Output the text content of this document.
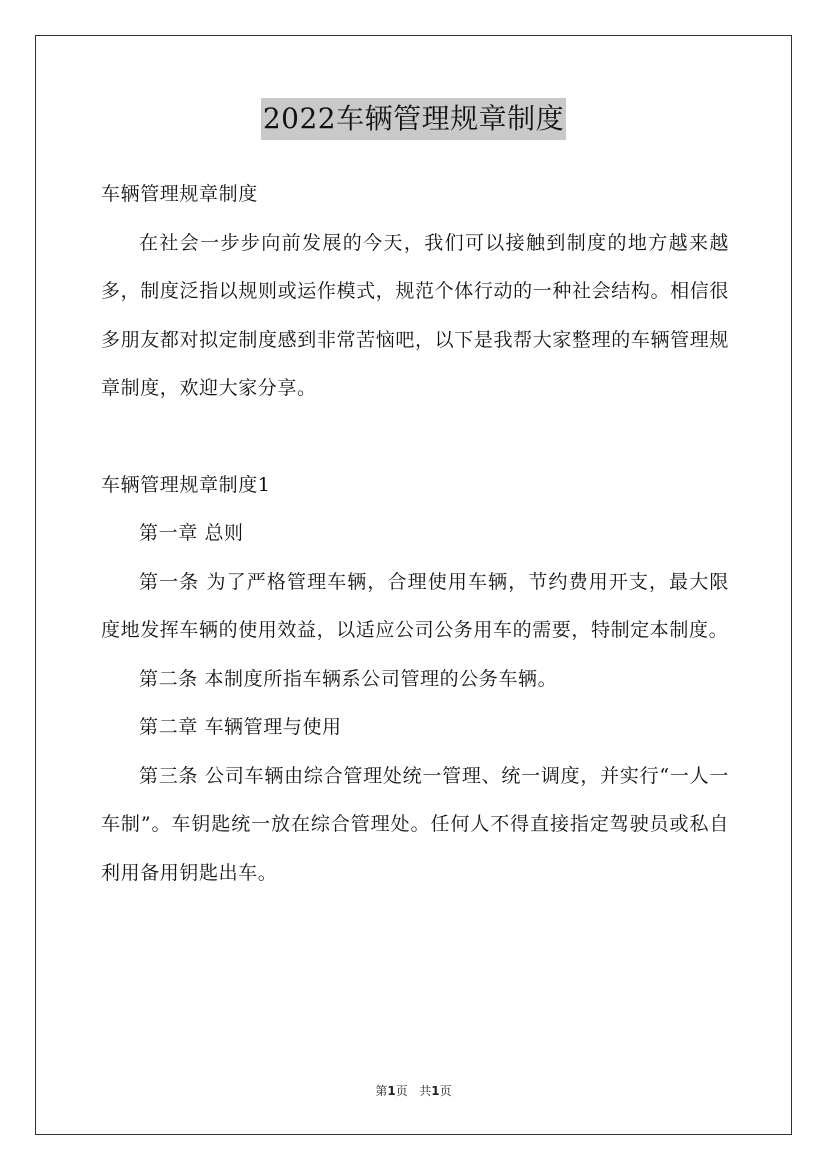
2022车辆管理规章制度

车辆管理规章制度

在社会一步步向前发展的今天，我们可以接触到制度的地方越来越多，制度泛指以规则或运作模式，规范个体行动的一种社会结构。相信很多朋友都对拟定制度感到非常苦恼吧，以下是我帮大家整理的车辆管理规章制度，欢迎大家分享。

车辆管理规章制度1

第一章 总则

第一条 为了严格管理车辆，合理使用车辆，节约费用开支，最大限度地发挥车辆的使用效益，以适应公司公务用车的需要，特制定本制度。

第二条 本制度所指车辆系公司管理的公务车辆。

第二章 车辆管理与使用

第三条 公司车辆由综合管理处统一管理、统一调度，并实行“一人一车制”。车钥匙统一放在综合管理处。任何人不得直接指定驾驶员或私自利用备用钥匙出车。

第1页 共1页
